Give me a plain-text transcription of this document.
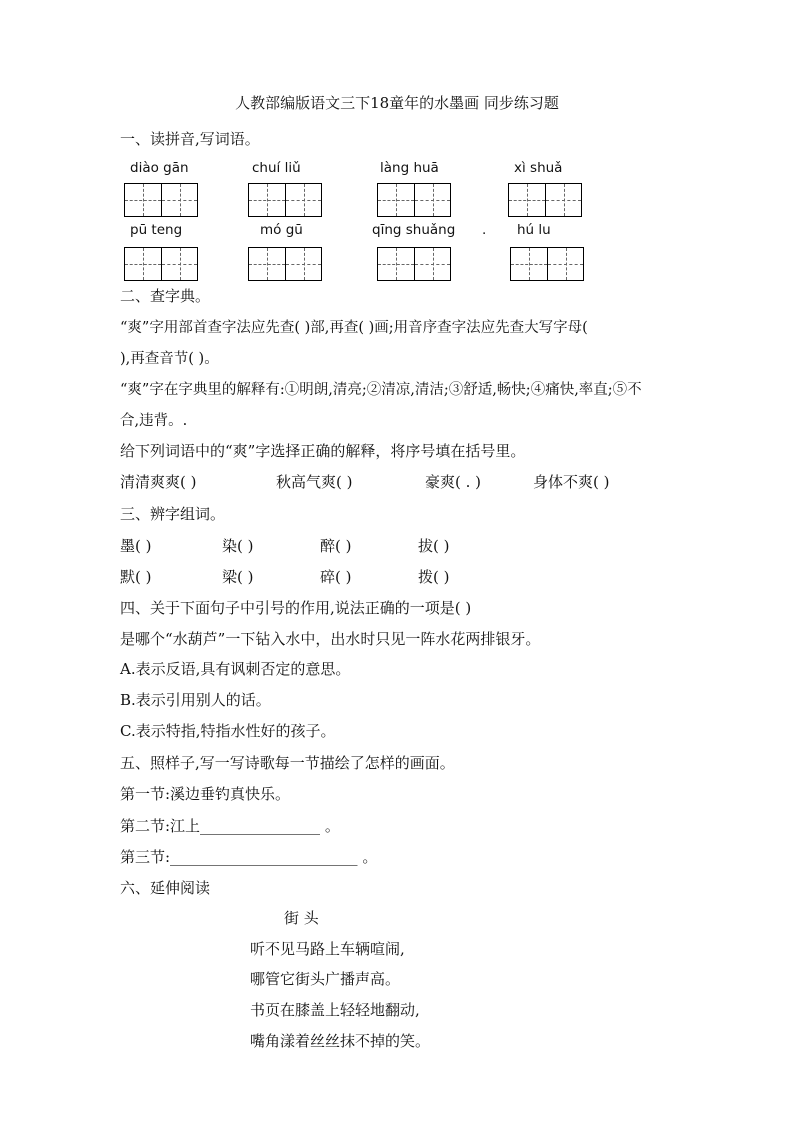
人教部编版语文三下18童年的水墨画 同步练习题
一、读拼音,写词语。
diào gān	chuí liǔ	làng huā	xì shuǎ
pū teng	mó gū	qīng shuǎng . hú lu
二、查字典。
“爽”字用部首查字法应先查( )部,再查( )画;用音序查字法应先查大写字母(
),再查音节( )。
“爽”字在字典里的解释有:①明朗,清亮;②清凉,清洁;③舒适,畅快;④痛快,率直;⑤不
合,违背。.
给下列词语中的“爽”字选择正确的解释，将序号填在括号里。
清清爽爽( )	秋高气爽( )	豪爽( . )	身体不爽( )
三、辨字组词。
墨( )	染( )	醉( )	拔( )
默( )	梁( )	碎( )	拨( )
四、关于下面句子中引号的作用,说法正确的一项是( )
是哪个“水葫芦”一下钻入水中，出水时只见一阵水花两排银牙。
A.表示反语,具有讽刺否定的意思。
B.表示引用别人的话。
C.表示特指,特指水性好的孩子。
五、照样子,写一写诗歌每一节描绘了怎样的画面。
第一节:溪边垂钓真快乐。
第二节:江上________________ 。
第三节:_________________________ 。
六、延伸阅读
街 头
听不见马路上车辆喧闹,
哪管它街头广播声高。
书页在膝盖上轻轻地翻动,
嘴角漾着丝丝抹不掉的笑。
